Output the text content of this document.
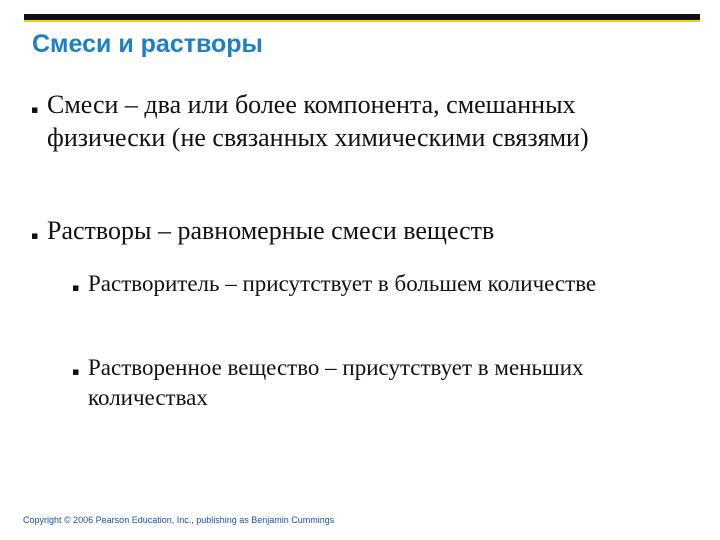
Смеси и растворы
▪ Смеси – два или более компонента, смешанных физически (не связанных химическими связями)
▪ Растворы – равномерные смеси веществ
▪ Растворитель – присутствует в большем количестве
▪ Растворенное вещество – присутствует в меньших количествах
Copyright © 2006 Pearson Education, Inc., publishing as Benjamin Cummings
